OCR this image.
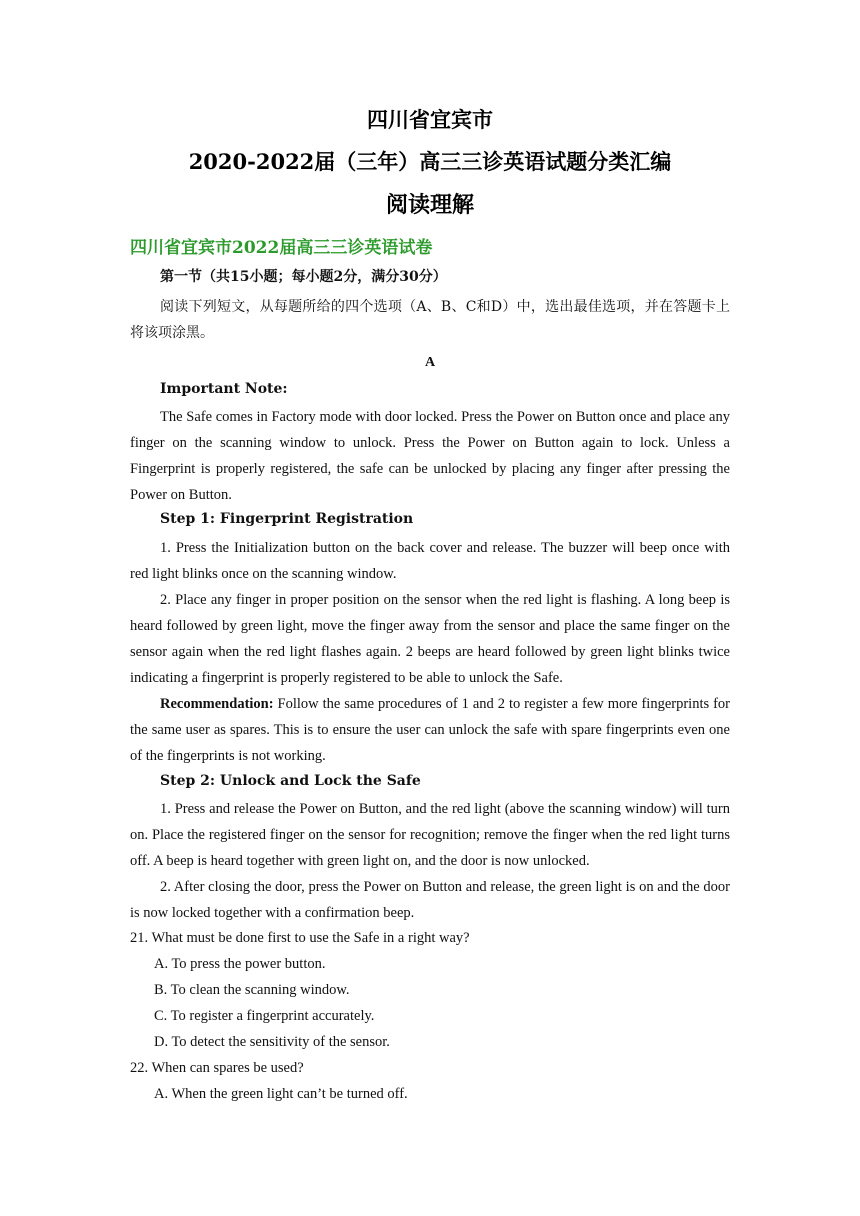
四川省宜宾市
2020-2022届（三年）高三三诊英语试题分类汇编
阅读理解
四川省宜宾市2022届高三三诊英语试卷
第一节（共15小题；每小题2分，满分30分）
阅读下列短文，从每题所给的四个选项（A、B、C和D）中，选出最佳选项，并在答题卡上将该项涂黑。
A
Important Note:
The Safe comes in Factory mode with door locked. Press the Power on Button once and place any finger on the scanning window to unlock. Press the Power on Button again to lock. Unless a Fingerprint is properly registered, the safe can be unlocked by placing any finger after pressing the Power on Button.
Step 1: Fingerprint Registration
1. Press the Initialization button on the back cover and release. The buzzer will beep once with red light blinks once on the scanning window.
2. Place any finger in proper position on the sensor when the red light is flashing. A long beep is heard followed by green light, move the finger away from the sensor and place the same finger on the sensor again when the red light flashes again. 2 beeps are heard followed by green light blinks twice indicating a fingerprint is properly registered to be able to unlock the Safe.
Recommendation: Follow the same procedures of 1 and 2 to register a few more fingerprints for the same user as spares. This is to ensure the user can unlock the safe with spare fingerprints even one of the fingerprints is not working.
Step 2: Unlock and Lock the Safe
1. Press and release the Power on Button, and the red light (above the scanning window) will turn on. Place the registered finger on the sensor for recognition; remove the finger when the red light turns off. A beep is heard together with green light on, and the door is now unlocked.
2. After closing the door, press the Power on Button and release, the green light is on and the door is now locked together with a confirmation beep.
21. What must be done first to use the Safe in a right way?
A. To press the power button.
B. To clean the scanning window.
C. To register a fingerprint accurately.
D. To detect the sensitivity of the sensor.
22. When can spares be used?
A. When the green light can’t be turned off.
